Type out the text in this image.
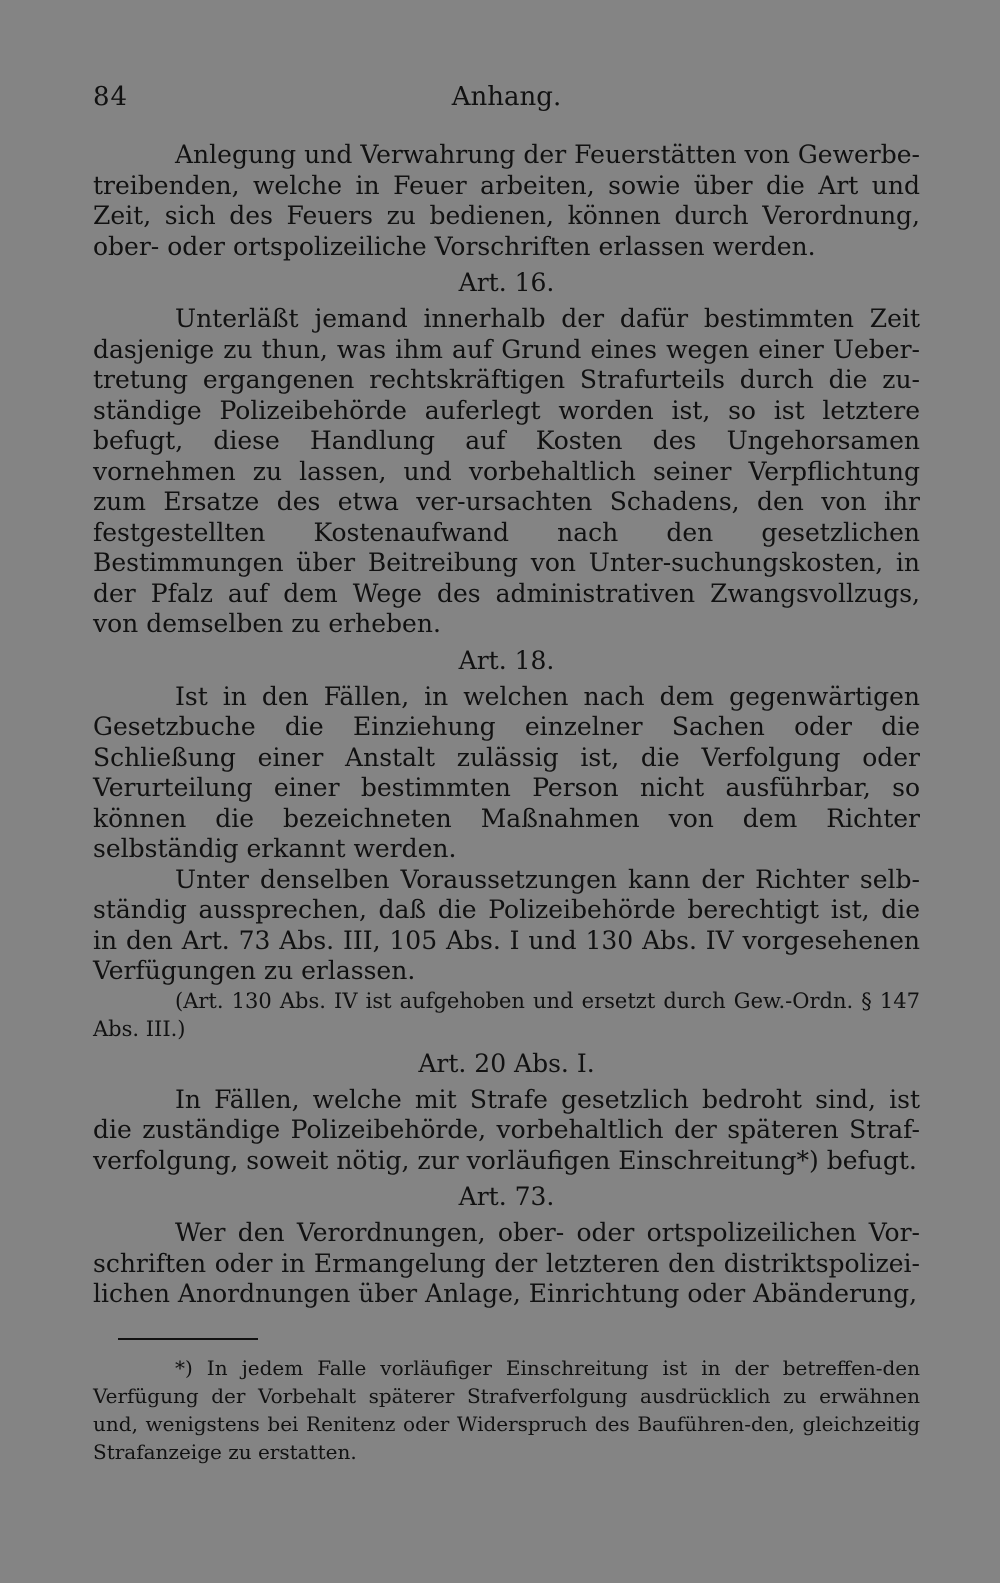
84	Anhang.

Anlegung und Verwahrung der Feuerstätten von Gewerbe-treibenden, welche in Feuer arbeiten, sowie über die Art und Zeit, sich des Feuers zu bedienen, können durch Verordnung, ober- oder ortspolizeiliche Vorschriften erlassen werden.

Art. 16.

Unterläßt jemand innerhalb der dafür bestimmten Zeit dasjenige zu thun, was ihm auf Grund eines wegen einer Ueber-tretung ergangenen rechtskräftigen Strafurteils durch die zu-ständige Polizeibehörde auferlegt worden ist, so ist letztere befugt, diese Handlung auf Kosten des Ungehorsamen vornehmen zu lassen, und vorbehaltlich seiner Verpflichtung zum Ersatze des etwa ver-ursachten Schadens, den von ihr festgestellten Kostenaufwand nach den gesetzlichen Bestimmungen über Beitreibung von Unter-suchungskosten, in der Pfalz auf dem Wege des administrativen Zwangsvollzugs, von demselben zu erheben.

Art. 18.

Ist in den Fällen, in welchen nach dem gegenwärtigen Gesetzbuche die Einziehung einzelner Sachen oder die Schließung einer Anstalt zulässig ist, die Verfolgung oder Verurteilung einer bestimmten Person nicht ausführbar, so können die bezeichneten Maßnahmen von dem Richter selbständig erkannt werden.

Unter denselben Voraussetzungen kann der Richter selb-ständig aussprechen, daß die Polizeibehörde berechtigt ist, die in den Art. 73 Abs. III, 105 Abs. I und 130 Abs. IV vorgesehenen Verfügungen zu erlassen.

(Art. 130 Abs. IV ist aufgehoben und ersetzt durch Gew.-Ordn. § 147 Abs. III.)

Art. 20 Abs. I.

In Fällen, welche mit Strafe gesetzlich bedroht sind, ist die zuständige Polizeibehörde, vorbehaltlich der späteren Straf-verfolgung, soweit nötig, zur vorläufigen Einschreitung*) befugt.

Art. 73.

Wer den Verordnungen, ober- oder ortspolizeilichen Vor-schriften oder in Ermangelung der letzteren den distriktspolizei-lichen Anordnungen über Anlage, Einrichtung oder Abänderung,

*) In jedem Falle vorläufiger Einschreitung ist in der betreffen-den Verfügung der Vorbehalt späterer Strafverfolgung ausdrücklich zu erwähnen und, wenigstens bei Renitenz oder Widerspruch des Bauführen-den, gleichzeitig Strafanzeige zu erstatten.
